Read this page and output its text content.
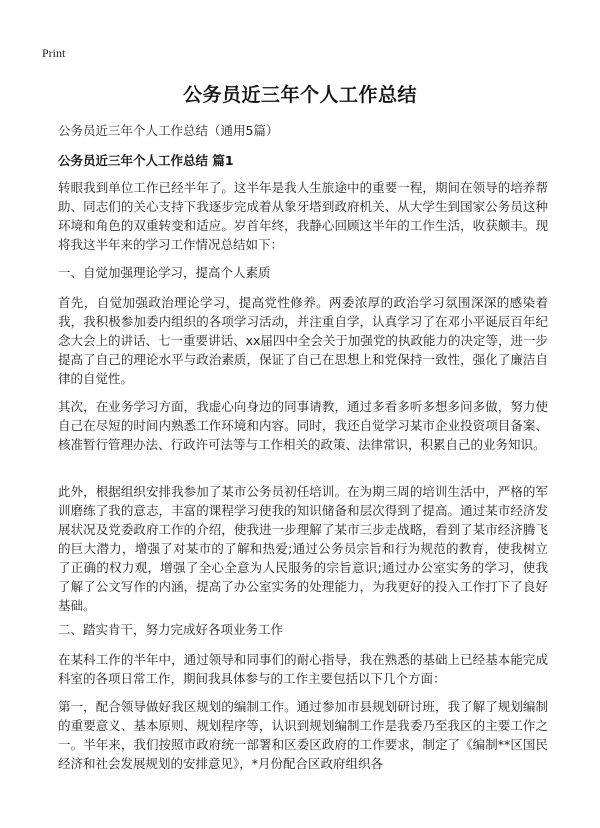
Print
公务员近三年个人工作总结
公务员近三年个人工作总结（通用5篇）
公务员近三年个人工作总结 篇1
转眼我到单位工作已经半年了。这半年是我人生旅途中的重要一程，期间在领导的培养帮助、同志们的关心支持下我逐步完成着从象牙塔到政府机关、从大学生到国家公务员这种环境和角色的双重转变和适应。岁首年终，我静心回顾这半年的工作生活，收获颇丰。现将我这半年来的学习工作情况总结如下：
一、自觉加强理论学习，提高个人素质
首先，自觉加强政治理论学习，提高党性修养。两委浓厚的政治学习氛围深深的感染着我，我积极参加委内组织的各项学习活动，并注重自学，认真学习了在邓小平诞辰百年纪念大会上的讲话、七一重要讲话、xx届四中全会关于加强党的执政能力的决定等，进一步提高了自己的理论水平与政治素质，保证了自己在思想上和党保持一致性，强化了廉洁自律的自觉性。
其次，在业务学习方面，我虚心向身边的同事请教，通过多看多听多想多问多做，努力使自己在尽短的时间内熟悉工作环境和内容。同时，我还自觉学习某市企业投资项目备案、核准暂行管理办法、行政许可法等与工作相关的政策、法律常识，积累自己的业务知识。
此外，根据组织安排我参加了某市公务员初任培训。在为期三周的培训生活中，严格的军训磨练了我的意志，丰富的课程学习使我的知识储备和层次得到了提高。通过某市经济发展状况及党委政府工作的介绍，使我进一步理解了某市三步走战略，看到了某市经济腾飞的巨大潜力，增强了对某市的了解和热爱;通过公务员宗旨和行为规范的教育，使我树立了正确的权力观，增强了全心全意为人民服务的宗旨意识;通过办公室实务的学习，使我了解了公文写作的内涵，提高了办公室实务的处理能力，为我更好的投入工作打下了良好基础。
二、踏实肯干，努力完成好各项业务工作
在某科工作的半年中，通过领导和同事们的耐心指导，我在熟悉的基础上已经基本能完成科室的各项日常工作，期间我具体参与的工作主要包括以下几个方面：
第一，配合领导做好我区规划的编制工作。通过参加市县规划研讨班，我了解了规划编制的重要意义、基本原则、规划程序等，认识到规划编制工作是我委乃至我区的主要工作之一。半年来，我们按照市政府统一部署和区委区政府的工作要求，制定了《编制**区国民经济和社会发展规划的安排意见》，*月份配合区政府组织各
